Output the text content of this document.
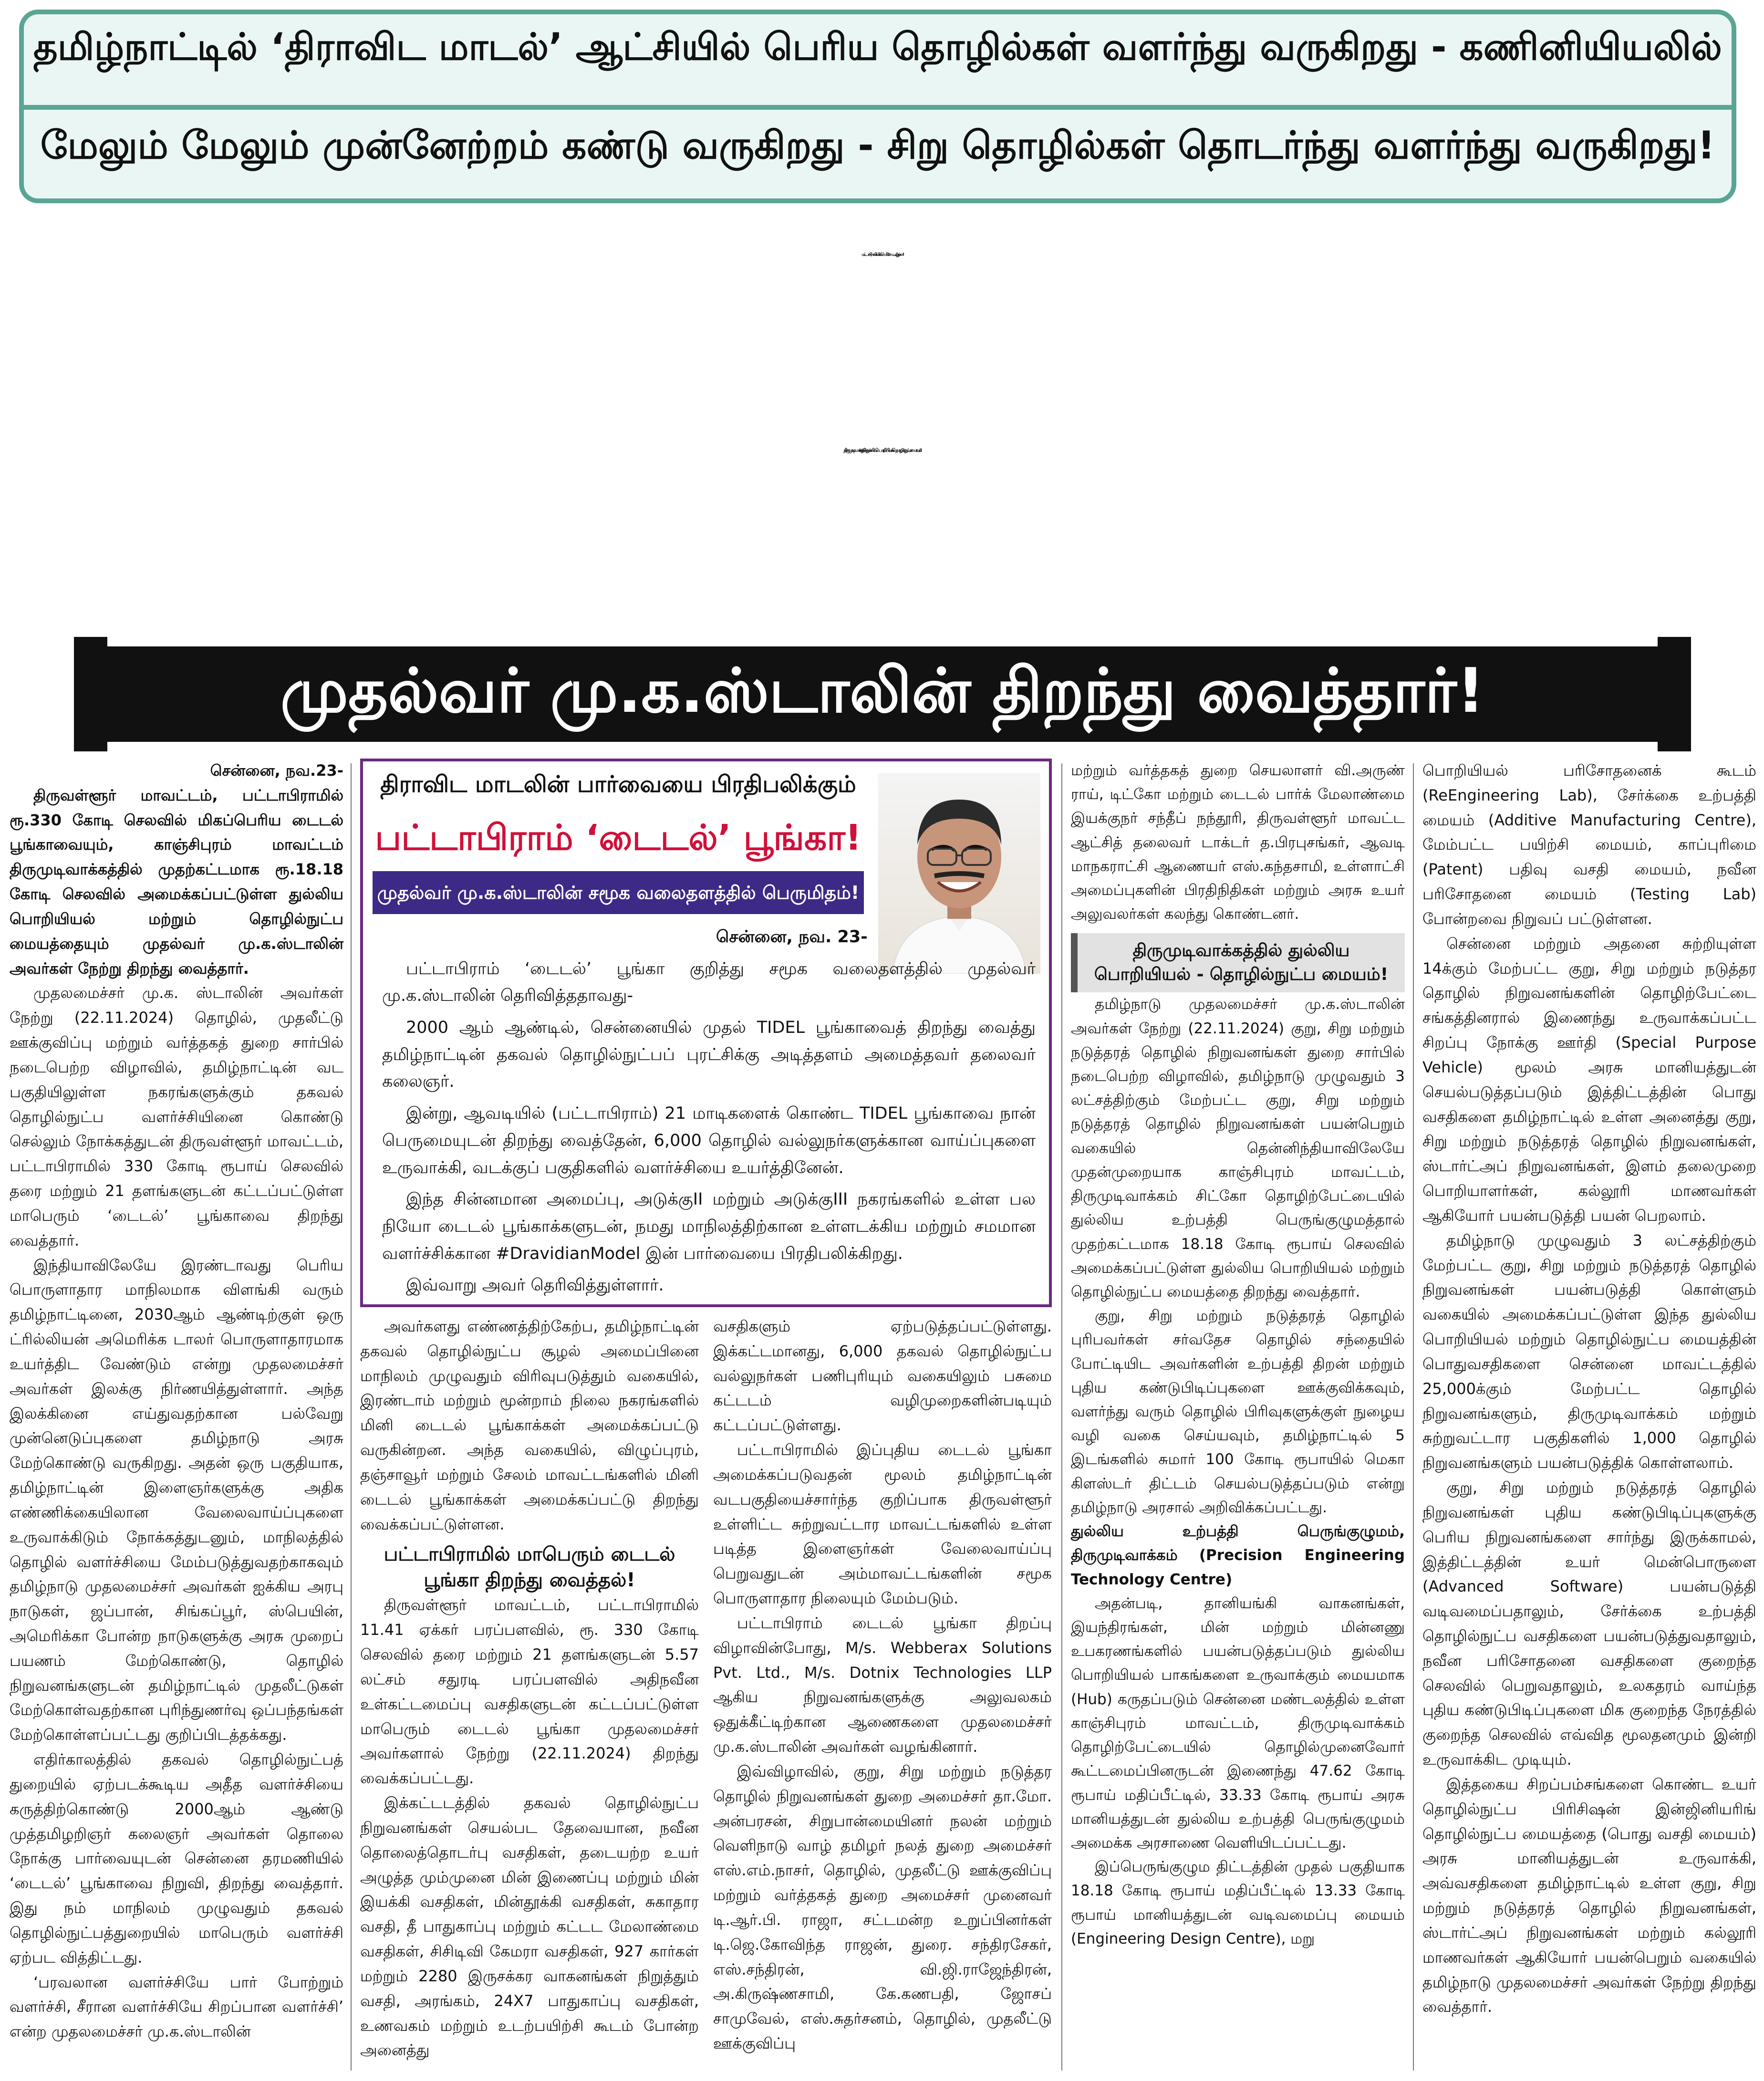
தமிழ்நாட்டில் ‘திராவிட மாடல்’ ஆட்சியில் பெரிய தொழில்கள் வளர்ந்து வருகிறது - கணினியியலில்
மேலும் மேலும் முன்னேற்றம் கண்டு வருகிறது - சிறு தொழில்கள் தொடர்ந்து வளர்ந்து வருகிறது!
பட்டாபிராமில் மிகப்பெரிய ‘டைடல்’ பூங்கா!
திருமுடிவாக்கத்தில் துல்லிய பொறியியல் - தொழில்நுட்ப மையம்!
முதல்வர் மு.க.ஸ்டாலின் திறந்து வைத்தார்!

சென்னை, நவ.23-

திருவள்ளூர் மாவட்டம், பட்டாபிராமில் ரூ.330 கோடி செலவில் மிகப்பெரிய டைடல் பூங்காவையும், காஞ்சிபுரம் மாவட்டம் திருமுடிவாக்கத்தில் முதற்கட்டமாக ரூ.18.18 கோடி செலவில் அமைக்கப்பட்டுள்ள துல்லிய பொறியியல் மற்றும் தொழில்நுட்ப மையத்தையும் முதல்வர் மு.க.ஸ்டாலின் அவர்கள் நேற்று திறந்து வைத்தார்.

முதலமைச்சர் மு.க. ஸ்டாலின் அவர்கள் நேற்று (22.11.2024) தொழில், முதலீட்டு ஊக்குவிப்பு மற்றும் வர்த்தகத் துறை சார்பில் நடைபெற்ற விழாவில், தமிழ்நாட்டின் வட பகுதியிலுள்ள நகரங்களுக்கும் தகவல் தொழில்நுட்ப வளர்ச்சியினை கொண்டு செல்லும் நோக்கத்துடன் திருவள்ளூர் மாவட்டம், பட்டாபிராமில் 330 கோடி ரூபாய் செலவில் தரை மற்றும் 21 தளங்களுடன் கட்டப்பட்டுள்ள மாபெரும் ‘டைடல்’ பூங்காவை திறந்து வைத்தார்.

இந்தியாவிலேயே இரண்டாவது பெரிய பொருளாதார மாநிலமாக விளங்கி வரும் தமிழ்நாட்டினை, 2030ஆம் ஆண்டிற்குள் ஒரு ட்ரில்லியன் அமெரிக்க டாலர் பொருளாதாரமாக உயர்த்திட வேண்டும் என்று முதலமைச்சர் அவர்கள் இலக்கு நிர்ணயித்துள்ளார். அந்த இலக்கினை எய்துவதற்கான பல்வேறு முன்னெடுப்புகளை தமிழ்நாடு அரசு மேற்கொண்டு வருகிறது. அதன் ஒரு பகுதியாக, தமிழ்நாட்டின் இளைஞர்களுக்கு அதிக எண்ணிக்கையிலான வேலைவாய்ப்புகளை உருவாக்கிடும் நோக்கத்துடனும், மாநிலத்தில் தொழில் வளர்ச்சியை மேம்படுத்துவதற்காகவும் தமிழ்நாடு முதலமைச்சர் அவர்கள் ஐக்கிய அரபு நாடுகள், ஜப்பான், சிங்கப்பூர், ஸ்பெயின், அமெரிக்கா போன்ற நாடுகளுக்கு அரசு முறைப் பயணம் மேற்கொண்டு, தொழில் நிறுவனங்களுடன் தமிழ்நாட்டில் முதலீட்டுகள் மேற்கொள்வதற்கான புரிந்துணர்வு ஒப்பந்தங்கள் மேற்கொள்ளப்பட்டது குறிப்பிடத்தக்கது.

எதிர்காலத்தில் தகவல் தொழில்நுட்பத் துறையில் ஏற்படக்கூடிய அதீத வளர்ச்சியை கருத்திற்கொண்டு 2000ஆம் ஆண்டு முத்தமிழறிஞர் கலைஞர் அவர்கள் தொலை நோக்கு பார்வையுடன் சென்னை தரமணியில் ‘டைடல்’ பூங்காவை நிறுவி, திறந்து வைத்தார். இது நம் மாநிலம் முழுவதும் தகவல் தொழில்நுட்பத்துறையில் மாபெரும் வளர்ச்சி ஏற்பட வித்திட்டது.

‘பரவலான வளர்ச்சியே பார் போற்றும் வளர்ச்சி, சீரான வளர்ச்சியே சிறப்பான வளர்ச்சி’ என்ற முதலமைச்சர் மு.க.ஸ்டாலின்

திராவிட மாடலின் பார்வையை பிரதிபலிக்கும்
பட்டாபிராம் ‘டைடல்’ பூங்கா!
முதல்வர் மு.க.ஸ்டாலின் சமூக வலைதளத்தில் பெருமிதம்!

சென்னை, நவ. 23-

பட்டாபிராம் ‘டைடல்’ பூங்கா குறித்து சமூக வலைதளத்தில் முதல்வர் மு.க.ஸ்டாலின் தெரிவித்ததாவது-

2000 ஆம் ஆண்டில், சென்னையில் முதல் TIDEL பூங்காவைத் திறந்து வைத்து தமிழ்நாட்டின் தகவல் தொழில்நுட்பப் புரட்சிக்கு அடித்தளம் அமைத்தவர் தலைவர் கலைஞர்.

இன்று, ஆவடியில் (பட்டாபிராம்) 21 மாடிகளைக் கொண்ட TIDEL பூங்காவை நான் பெருமையுடன் திறந்து வைத்தேன், 6,000 தொழில் வல்லுநர்களுக்கான வாய்ப்புகளை உருவாக்கி, வடக்குப் பகுதிகளில் வளர்ச்சியை உயர்த்தினேன்.

இந்த சின்னமான அமைப்பு, அடுக்குII மற்றும் அடுக்குIII நகரங்களில் உள்ள பல நியோ டைடல் பூங்காக்களுடன், நமது மாநிலத்திற்கான உள்ளடக்கிய மற்றும் சமமான வளர்ச்சிக்கான #DravidianModel இன் பார்வையை பிரதிபலிக்கிறது.

இவ்வாறு அவர் தெரிவித்துள்ளார்.

அவர்களது எண்ணத்திற்கேற்ப, தமிழ்நாட்டின் தகவல் தொழில்நுட்ப சூழல் அமைப்பினை மாநிலம் முழுவதும் விரிவுபடுத்தும் வகையில், இரண்டாம் மற்றும் மூன்றாம் நிலை நகரங்களில் மினி டைடல் பூங்காக்கள் அமைக்கப்பட்டு வருகின்றன. அந்த வகையில், விழுப்புரம், தஞ்சாவூர் மற்றும் சேலம் மாவட்டங்களில் மினி டைடல் பூங்காக்கள் அமைக்கப்பட்டு திறந்து வைக்கப்பட்டுள்ளன.

பட்டாபிராமில் மாபெரும் டைடல் பூங்கா திறந்து வைத்தல்!

திருவள்ளூர் மாவட்டம், பட்டாபிராமில் 11.41 ஏக்கர் பரப்பளவில், ரூ. 330 கோடி செலவில் தரை மற்றும் 21 தளங்களுடன் 5.57 லட்சம் சதுரடி பரப்பளவில் அதிநவீன உள்கட்டமைப்பு வசதிகளுடன் கட்டப்பட்டுள்ள மாபெரும் டைடல் பூங்கா முதலமைச்சர் அவர்களால் நேற்று (22.11.2024) திறந்து வைக்கப்பட்டது.

இக்கட்டடத்தில் தகவல் தொழில்நுட்ப நிறுவனங்கள் செயல்பட தேவையான, நவீன தொலைத்தொடர்பு வசதிகள், தடையற்ற உயர் அழுத்த மும்முனை மின் இணைப்பு மற்றும் மின் இயக்கி வசதிகள், மின்தூக்கி வசதிகள், சுகாதார வசதி, தீ பாதுகாப்பு மற்றும் கட்டட மேலாண்மை வசதிகள், சிசிடிவி கேமரா வசதிகள், 927 கார்கள் மற்றும் 2280 இருசக்கர வாகனங்கள் நிறுத்தும் வசதி, அரங்கம், 24X7 பாதுகாப்பு வசதிகள், உணவகம் மற்றும் உடற்பயிற்சி கூடம் போன்ற அனைத்து

வசதிகளும் ஏற்படுத்தப்பட்டுள்ளது. இக்கட்டமானது, 6,000 தகவல் தொழில்நுட்ப வல்லுநர்கள் பணிபுரியும் வகையிலும் பசுமை கட்டடம் வழிமுறைகளின்படியும் கட்டப்பட்டுள்ளது.

பட்டாபிராமில் இப்புதிய டைடல் பூங்கா அமைக்கப்படுவதன் மூலம் தமிழ்நாட்டின் வடபகுதியைச்சார்ந்த குறிப்பாக திருவள்ளூர் உள்ளிட்ட சுற்றுவட்டார மாவட்டங்களில் உள்ள படித்த இளைஞர்கள் வேலைவாய்ப்பு பெறுவதுடன் அம்மாவட்டங்களின் சமூக பொருளாதார நிலையும் மேம்படும்.

பட்டாபிராம் டைடல் பூங்கா திறப்பு விழாவின்போது, M/s. Webberax Solutions Pvt. Ltd., M/s. Dotnix Technologies LLP ஆகிய நிறுவனங்களுக்கு அலுவலகம் ஒதுக்கீட்டிற்கான ஆணைகளை முதலமைச்சர் மு.க.ஸ்டாலின் அவர்கள் வழங்கினார்.

இவ்விழாவில், குறு, சிறு மற்றும் நடுத்தர தொழில் நிறுவனங்கள் துறை அமைச்சர் தா.மோ. அன்பரசன், சிறுபான்மையினர் நலன் மற்றும் வெளிநாடு வாழ் தமிழர் நலத் துறை அமைச்சர் எஸ்.எம்.நாசர், தொழில், முதலீட்டு ஊக்குவிப்பு மற்றும் வர்த்தகத் துறை அமைச்சர் முனைவர் டி.ஆர்.பி. ராஜா, சட்டமன்ற உறுப்பினர்கள் டி.ஜெ.கோவிந்த ராஜன், துரை. சந்திரசேகர், எஸ்.சந்திரன், வி.ஜி.ராஜேந்திரன், அ.கிருஷ்ணசாமி, கே.கணபதி, ஜோசப் சாமுவேல், எஸ்.சுதர்சனம், தொழில், முதலீட்டு ஊக்குவிப்பு

மற்றும் வர்த்தகத் துறை செயலாளர் வி.அருண் ராய், டிட்கோ மற்றும் டைடல் பார்க் மேலாண்மை இயக்குநர் சந்தீப் நந்தூரி, திருவள்ளூர் மாவட்ட ஆட்சித் தலைவர் டாக்டர் த.பிரபுசங்கர், ஆவடி மாநகராட்சி ஆணையர் எஸ்.கந்தசாமி, உள்ளாட்சி அமைப்புகளின் பிரதிநிதிகள் மற்றும் அரசு உயர் அலுவலர்கள் கலந்து கொண்டனர்.

திருமுடிவாக்கத்தில் துல்லிய பொறியியல் - தொழில்நுட்ப மையம்!

தமிழ்நாடு முதலமைச்சர் மு.க.ஸ்டாலின் அவர்கள் நேற்று (22.11.2024) குறு, சிறு மற்றும் நடுத்தரத் தொழில் நிறுவனங்கள் துறை சார்பில் நடைபெற்ற விழாவில், தமிழ்நாடு முழுவதும் 3 லட்சத்திற்கும் மேற்பட்ட குறு, சிறு மற்றும் நடுத்தரத் தொழில் நிறுவனங்கள் பயன்பெறும் வகையில் தென்னிந்தியாவிலேயே முதன்முறையாக காஞ்சிபுரம் மாவட்டம், திருமுடிவாக்கம் சிட்கோ தொழிற்பேட்டையில் துல்லிய உற்பத்தி பெருங்குழுமத்தால் முதற்கட்டமாக 18.18 கோடி ரூபாய் செலவில் அமைக்கப்பட்டுள்ள துல்லிய பொறியியல் மற்றும் தொழில்நுட்ப மையத்தை திறந்து வைத்தார்.

குறு, சிறு மற்றும் நடுத்தரத் தொழில் புரிபவர்கள் சர்வதேச தொழில் சந்தையில் போட்டியிட அவர்களின் உற்பத்தி திறன் மற்றும் புதிய கண்டுபிடிப்புகளை ஊக்குவிக்கவும், வளர்ந்து வரும் தொழில் பிரிவுகளுக்குள் நுழைய வழி வகை செய்யவும், தமிழ்நாட்டில் 5 இடங்களில் சுமார் 100 கோடி ரூபாயில் மெகா கிளஸ்டர் திட்டம் செயல்படுத்தப்படும் என்று தமிழ்நாடு அரசால் அறிவிக்கப்பட்டது.

துல்லிய உற்பத்தி பெருங்குழுமம், திருமுடிவாக்கம் (Precision Engineering Technology Centre)

அதன்படி, தானியங்கி வாகனங்கள், இயந்திரங்கள், மின் மற்றும் மின்னணு உபகரணங்களில் பயன்படுத்தப்படும் துல்லிய பொறியியல் பாகங்களை உருவாக்கும் மையமாக (Hub) கருதப்படும் சென்னை மண்டலத்தில் உள்ள காஞ்சிபுரம் மாவட்டம், திருமுடிவாக்கம் தொழிற்பேட்டையில் தொழில்முனைவோர் கூட்டமைப்பினருடன் இணைந்து 47.62 கோடி ரூபாய் மதிப்பீட்டில், 33.33 கோடி ரூபாய் அரசு மானியத்துடன் துல்லிய உற்பத்தி பெருங்குழுமம் அமைக்க அரசாணை வெளியிடப்பட்டது.

இப்பெருங்குழும திட்டத்தின் முதல் பகுதியாக 18.18 கோடி ரூபாய் மதிப்பீட்டில் 13.33 கோடி ரூபாய் மானியத்துடன் வடிவமைப்பு மையம் (Engineering Design Centre), மறு

பொறியியல் பரிசோதனைக் கூடம் (ReEngineering Lab), சேர்க்கை உற்பத்தி மையம் (Additive Manufacturing Centre), மேம்பட்ட பயிற்சி மையம், காப்புரிமை (Patent) பதிவு வசதி மையம், நவீன பரிசோதனை மையம் (Testing Lab) போன்றவை நிறுவப் பட்டுள்ளன.

சென்னை மற்றும் அதனை சுற்றியுள்ள 14க்கும் மேற்பட்ட குறு, சிறு மற்றும் நடுத்தர தொழில் நிறுவனங்களின் தொழிற்பேட்டை சங்கத்தினரால் இணைந்து உருவாக்கப்பட்ட சிறப்பு நோக்கு ஊர்தி (Special Purpose Vehicle) மூலம் அரசு மானியத்துடன் செயல்படுத்தப்படும் இத்திட்டத்தின் பொது வசதிகளை தமிழ்நாட்டில் உள்ள அனைத்து குறு, சிறு மற்றும் நடுத்தரத் தொழில் நிறுவனங்கள், ஸ்டார்ட்அப் நிறுவனங்கள், இளம் தலைமுறை பொறியாளர்கள், கல்லூரி மாணவர்கள் ஆகியோர் பயன்படுத்தி பயன் பெறலாம்.

தமிழ்நாடு முழுவதும் 3 லட்சத்திற்கும் மேற்பட்ட குறு, சிறு மற்றும் நடுத்தரத் தொழில் நிறுவனங்கள் பயன்படுத்தி கொள்ளும் வகையில் அமைக்கப்பட்டுள்ள இந்த துல்லிய பொறியியல் மற்றும் தொழில்நுட்ப மையத்தின் பொதுவசதிகளை சென்னை மாவட்டத்தில் 25,000க்கும் மேற்பட்ட தொழில் நிறுவனங்களும், திருமுடிவாக்கம் மற்றும் சுற்றுவட்டார பகுதிகளில் 1,000 தொழில் நிறுவனங்களும் பயன்படுத்திக் கொள்ளலாம்.

குறு, சிறு மற்றும் நடுத்தரத் தொழில் நிறுவனங்கள் புதிய கண்டுபிடிப்புகளுக்கு பெரிய நிறுவனங்களை சார்ந்து இருக்காமல், இத்திட்டத்தின் உயர் மென்பொருளை (Advanced Software) பயன்படுத்தி வடிவமைப்பதாலும், சேர்க்கை உற்பத்தி தொழில்நுட்ப வசதிகளை பயன்படுத்துவதாலும், நவீன பரிசோதனை வசதிகளை குறைந்த செலவில் பெறுவதாலும், உலகதரம் வாய்ந்த புதிய கண்டுபிடிப்புகளை மிக குறைந்த நேரத்தில் குறைந்த செலவில் எவ்வித மூலதனமும் இன்றி உருவாக்கிட முடியும்.

இத்தகைய சிறப்பம்சங்களை கொண்ட உயர் தொழில்நுட்ப பிரிசிஷன் இன்ஜினியரிங் தொழில்நுட்ப மையத்தை (பொது வசதி மையம்) அரசு மானியத்துடன் உருவாக்கி, அவ்வசதிகளை தமிழ்நாட்டில் உள்ள குறு, சிறு மற்றும் நடுத்தரத் தொழில் நிறுவனங்கள், ஸ்டார்ட்அப் நிறுவனங்கள் மற்றும் கல்லூரி மாணவர்கள் ஆகியோர் பயன்பெறும் வகையில் தமிழ்நாடு முதலமைச்சர் அவர்கள் நேற்று திறந்து வைத்தார்.
